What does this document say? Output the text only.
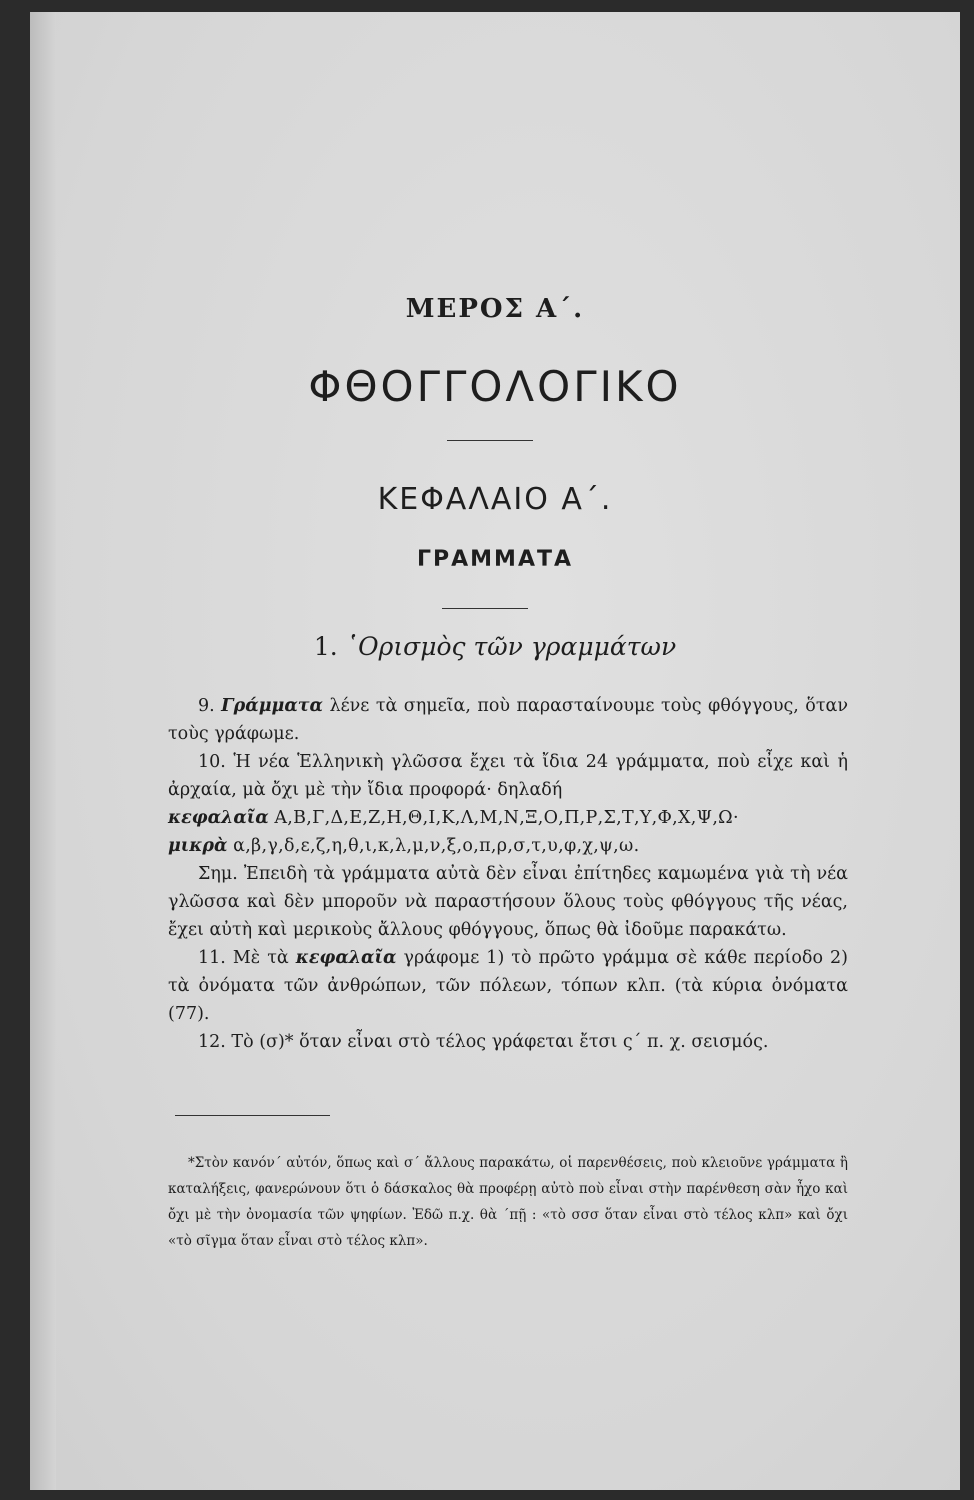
ΜΕΡΟΣ Α΄.
ΦΘΟΓΓΟΛΟΓΙΚΟ
ΚΕΦΑΛΑΙΟ Α΄.
ΓΡΑΜΜΑΤΑ
1. ῾Ορισμὸς τῶν γραμμάτων

9. Γράμματα λένε τὰ σημεῖα, ποὺ παρασταίνουμε τοὺς φθόγγους, ὅταν τοὺς γράφωμε.

10. Ἡ νέα Ἑλληνικὴ γλῶσσα ἔχει τὰ ἴδια 24 γράμματα, ποὺ εἶχε καὶ ἡ ἀρχαία, μὰ ὄχι μὲ τὴν ἴδια προφορά· δηλαδή

κεφαλαῖα Α,Β,Γ,Δ,Ε,Ζ,Η,Θ,Ι,Κ,Λ,Μ,Ν,Ξ,Ο,Π,Ρ,Σ,Τ,Υ,Φ,Χ,Ψ,Ω·

μικρὰ α,β,γ,δ,ε,ζ,η,θ,ι,κ,λ,μ,ν,ξ,ο,π,ρ,σ,τ,υ,φ,χ,ψ,ω.

Σημ. Ἐπειδὴ τὰ γράμματα αὐτὰ δὲν εἶναι ἐπίτηδες καμωμένα γιὰ τὴ νέα γλῶσσα καὶ δὲν μποροῦν νὰ παραστήσουν ὅλους τοὺς φθόγγους τῆς νέας, ἔχει αὐτὴ καὶ μερικοὺς ἄλλους φθόγγους, ὅπως θὰ ἰδοῦμε παρακάτω.

11. Μὲ τὰ κεφαλαῖα γράφομε 1) τὸ πρῶτο γράμμα σὲ κάθε περίοδο 2) τὰ ὀνόματα τῶν ἀνθρώπων, τῶν πόλεων, τόπων κλπ. (τὰ κύρια ὀνόματα (77).

12. Τὸ (σ)* ὅταν εἶναι στὸ τέλος γράφεται ἔτσι ς΄ π. χ. σεισμός.

*Στὸν κανόν΄ αὐτόν, ὅπως καὶ σ΄ ἄλλους παρακάτω, οἱ παρενθέσεις, ποὺ κλειοῦνε γράμματα ἢ καταλήξεις, φανερώνουν ὅτι ὁ δάσκαλος θὰ προφέρῃ αὐτὸ ποὺ εἶναι στὴν παρένθεση σὰν ἦχο καὶ ὄχι μὲ τὴν ὀνομασία τῶν ψηφίων. Ἐδῶ π.χ. θὰ ΄πῇ : «τὸ σσσ ὅταν εἶναι στὸ τέλος κλπ» καὶ ὄχι «τὸ σῖγμα ὅταν εἶναι στὸ τέλος κλπ».
